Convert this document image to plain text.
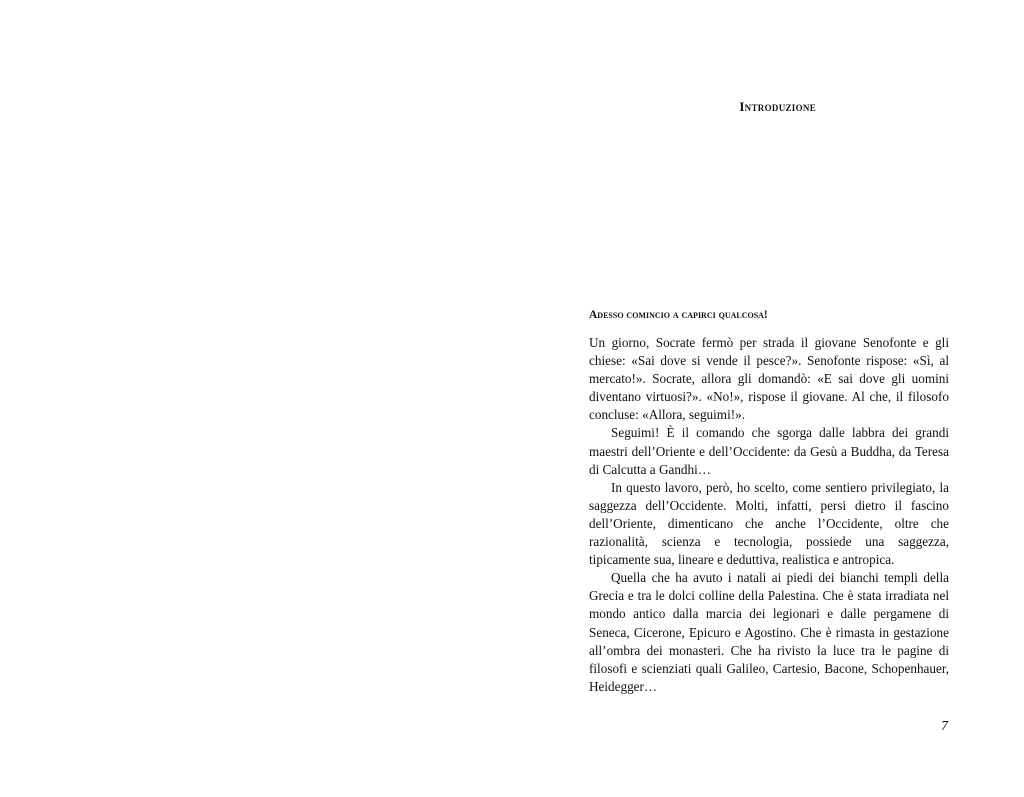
Introduzione
Adesso comincio a capirci qualcosa!

Un giorno, Socrate fermò per strada il giovane Senofonte e gli chiese: «Sai dove si vende il pesce?». Senofonte rispose: «Sì, al mercato!». Socrate, allora gli domandò: «E sai dove gli uomini diventano virtuosi?». «No!», rispose il giovane. Al che, il filosofo concluse: «Allora, seguimi!».

Seguimi! È il comando che sgorga dalle labbra dei grandi maestri dell’Oriente e dell’Occidente: da Gesù a Buddha, da Teresa di Calcutta a Gandhi…

In questo lavoro, però, ho scelto, come sentiero privilegiato, la saggezza dell’Occidente. Molti, infatti, persi dietro il fascino dell’Oriente, dimenticano che anche l’Occidente, oltre che razionalità, scienza e tecnologia, possiede una saggezza, tipicamente sua, lineare e deduttiva, realistica e antropica.

Quella che ha avuto i natali ai piedi dei bianchi templi della Grecia e tra le dolci colline della Palestina. Che è stata irradiata nel mondo antico dalla marcia dei legionari e dalle pergamene di Seneca, Cicerone, Epicuro e Agostino. Che è rimasta in gestazione all’ombra dei monasteri. Che ha rivisto la luce tra le pagine di filosofi e scienziati quali Galileo, Cartesio, Bacone, Schopenhauer, Heidegger…

7
